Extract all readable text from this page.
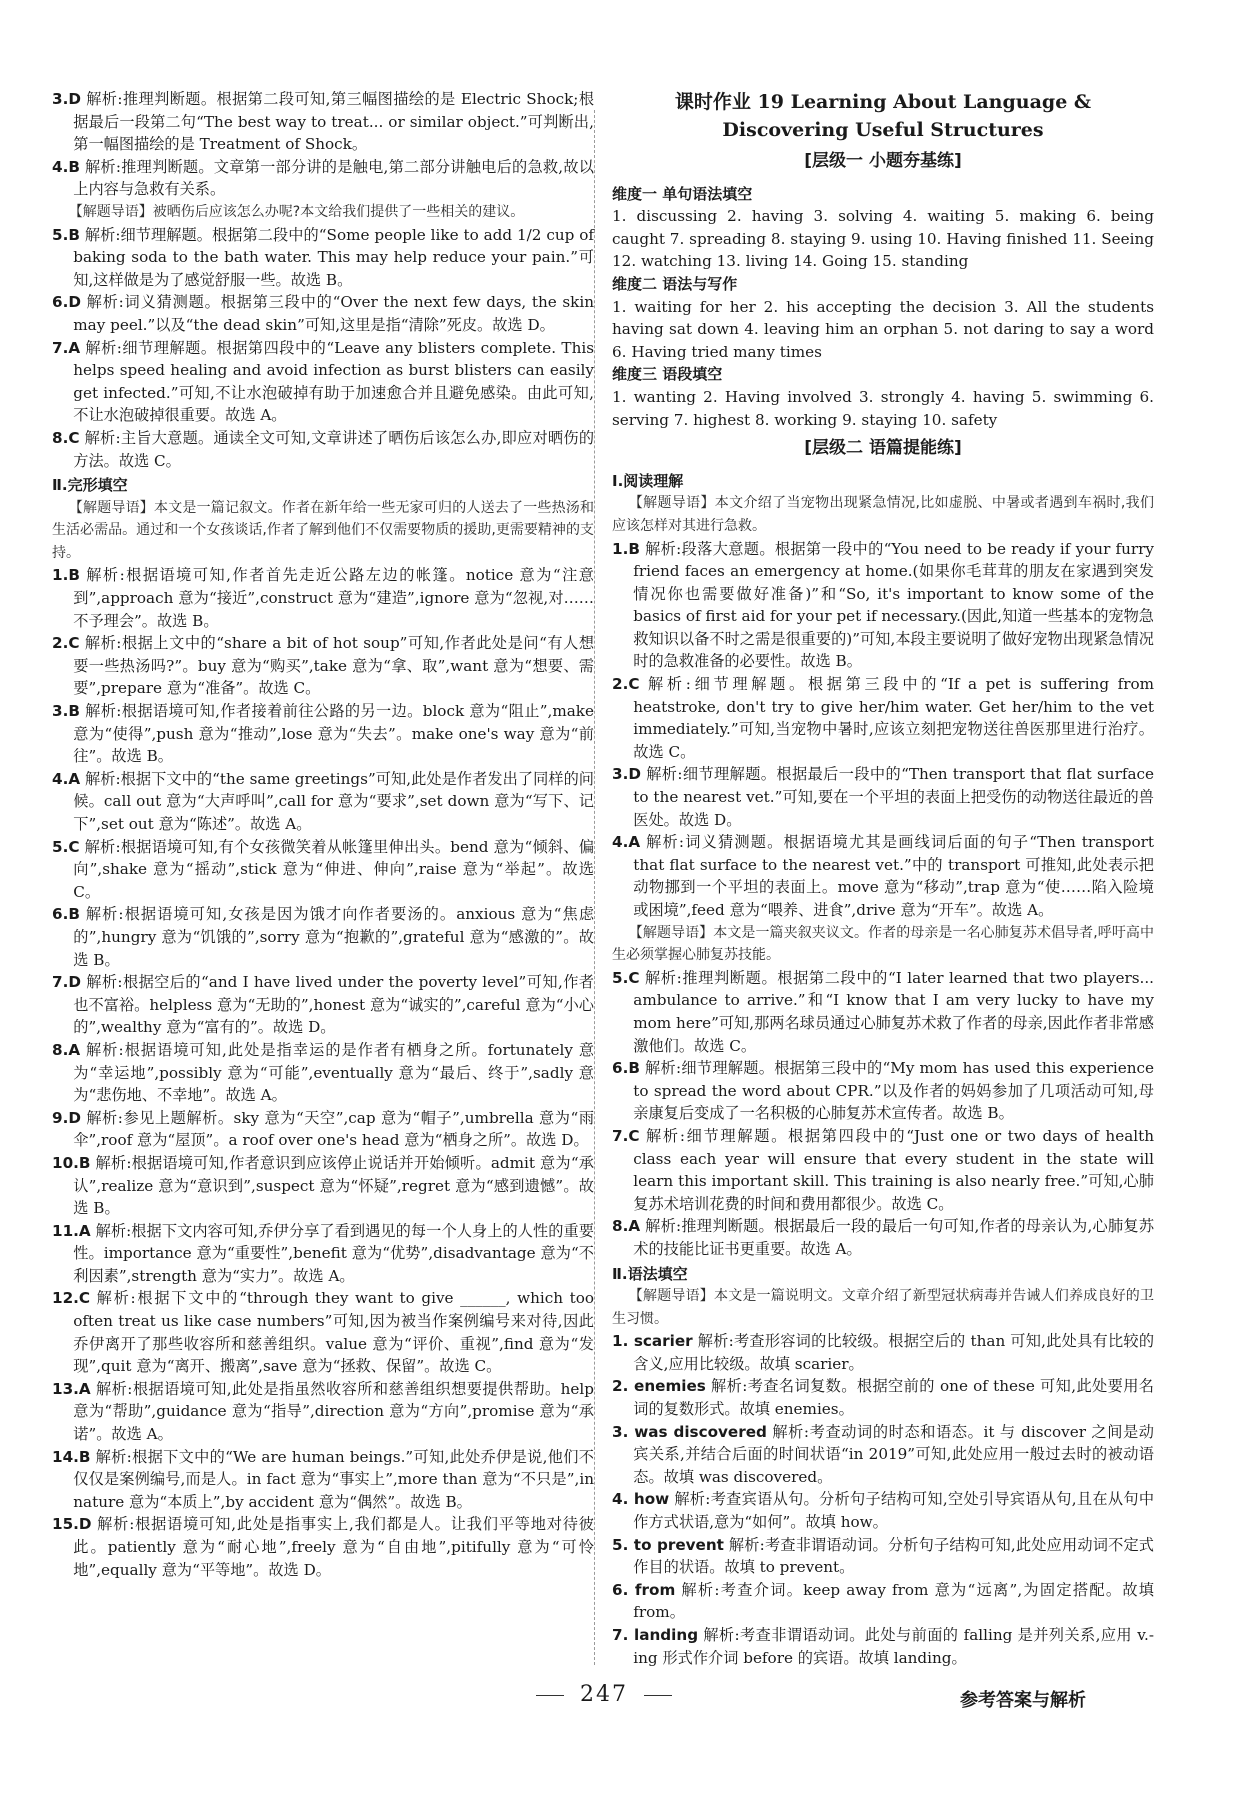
3.D 解析:推理判断题。根据第二段可知,第三幅图描绘的是 Electric Shock;根据最后一段第二句“The best way to treat... or similar object.”可判断出,第一幅图描绘的是 Treatment of Shock。

4.B 解析:推理判断题。文章第一部分讲的是触电,第二部分讲触电后的急救,故以上内容与急救有关系。

【解题导语】被晒伤后应该怎么办呢?本文给我们提供了一些相关的建议。

5.B 解析:细节理解题。根据第二段中的“Some people like to add 1/2 cup of baking soda to the bath water. This may help reduce your pain.”可知,这样做是为了感觉舒服一些。故选 B。

6.D 解析:词义猜测题。根据第三段中的“Over the next few days, the skin may peel.”以及“the dead skin”可知,这里是指“清除”死皮。故选 D。

7.A 解析:细节理解题。根据第四段中的“Leave any blisters complete. This helps speed healing and avoid infection as burst blisters can easily get infected.”可知,不让水泡破掉有助于加速愈合并且避免感染。由此可知,不让水泡破掉很重要。故选 A。

8.C 解析:主旨大意题。通读全文可知,文章讲述了晒伤后该怎么办,即应对晒伤的方法。故选 C。

Ⅱ.完形填空

【解题导语】本文是一篇记叙文。作者在新年给一些无家可归的人送去了一些热汤和生活必需品。通过和一个女孩谈话,作者了解到他们不仅需要物质的援助,更需要精神的支持。

1.B 解析:根据语境可知,作者首先走近公路左边的帐篷。notice 意为“注意到”,approach 意为“接近”,construct 意为“建造”,ignore 意为“忽视,对……不予理会”。故选 B。

2.C 解析:根据上文中的“share a bit of hot soup”可知,作者此处是问“有人想要一些热汤吗?”。buy 意为“购买”,take 意为“拿、取”,want 意为“想要、需要”,prepare 意为“准备”。故选 C。

3.B 解析:根据语境可知,作者接着前往公路的另一边。block 意为“阻止”,make 意为“使得”,push 意为“推动”,lose 意为“失去”。make one's way 意为“前往”。故选 B。

4.A 解析:根据下文中的“the same greetings”可知,此处是作者发出了同样的问候。call out 意为“大声呼叫”,call for 意为“要求”,set down 意为“写下、记下”,set out 意为“陈述”。故选 A。

5.C 解析:根据语境可知,有个女孩微笑着从帐篷里伸出头。bend 意为“倾斜、偏向”,shake 意为“摇动”,stick 意为“伸进、伸向”,raise 意为“举起”。故选 C。

6.B 解析:根据语境可知,女孩是因为饿才向作者要汤的。anxious 意为“焦虑的”,hungry 意为“饥饿的”,sorry 意为“抱歉的”,grateful 意为“感激的”。故选 B。

7.D 解析:根据空后的“and I have lived under the poverty level”可知,作者也不富裕。helpless 意为“无助的”,honest 意为“诚实的”,careful 意为“小心的”,wealthy 意为“富有的”。故选 D。

8.A 解析:根据语境可知,此处是指幸运的是作者有栖身之所。fortunately 意为“幸运地”,possibly 意为“可能”,eventually 意为“最后、终于”,sadly 意为“悲伤地、不幸地”。故选 A。

9.D 解析:参见上题解析。sky 意为“天空”,cap 意为“帽子”,umbrella 意为“雨伞”,roof 意为“屋顶”。a roof over one's head 意为“栖身之所”。故选 D。

10.B 解析:根据语境可知,作者意识到应该停止说话并开始倾听。admit 意为“承认”,realize 意为“意识到”,suspect 意为“怀疑”,regret 意为“感到遗憾”。故选 B。

11.A 解析:根据下文内容可知,乔伊分享了看到遇见的每一个人身上的人性的重要性。importance 意为“重要性”,benefit 意为“优势”,disadvantage 意为“不利因素”,strength 意为“实力”。故选 A。

12.C 解析:根据下文中的“through they want to give ______, which too often treat us like case numbers”可知,因为被当作案例编号来对待,因此乔伊离开了那些收容所和慈善组织。value 意为“评价、重视”,find 意为“发现”,quit 意为“离开、搬离”,save 意为“拯救、保留”。故选 C。

13.A 解析:根据语境可知,此处是指虽然收容所和慈善组织想要提供帮助。help 意为“帮助”,guidance 意为“指导”,direction 意为“方向”,promise 意为“承诺”。故选 A。

14.B 解析:根据下文中的“We are human beings.”可知,此处乔伊是说,他们不仅仅是案例编号,而是人。in fact 意为“事实上”,more than 意为“不只是”,in nature 意为“本质上”,by accident 意为“偶然”。故选 B。

15.D 解析:根据语境可知,此处是指事实上,我们都是人。让我们平等地对待彼此。patiently 意为“耐心地”,freely 意为“自由地”,pitifully 意为“可怜地”,equally 意为“平等地”。故选 D。

课时作业 19 Learning About Language &
Discovering Useful Structures

[层级一 小题夯基练]

维度一 单句语法填空

1. discussing 2. having 3. solving 4. waiting 5. making 6. being caught 7. spreading 8. staying 9. using 10. Having finished 11. Seeing 12. watching 13. living 14. Going 15. standing

维度二 语法与写作

1. waiting for her 2. his accepting the decision 3. All the students having sat down 4. leaving him an orphan 5. not daring to say a word 6. Having tried many times

维度三 语段填空

1. wanting 2. Having involved 3. strongly 4. having 5. swimming 6. serving 7. highest 8. working 9. staying 10. safety

[层级二 语篇提能练]

Ⅰ.阅读理解

【解题导语】本文介绍了当宠物出现紧急情况,比如虚脱、中暑或者遇到车祸时,我们应该怎样对其进行急救。

1.B 解析:段落大意题。根据第一段中的“You need to be ready if your furry friend faces an emergency at home.(如果你毛茸茸的朋友在家遇到突发情况你也需要做好准备)”和“So, it's important to know some of the basics of first aid for your pet if necessary.(因此,知道一些基本的宠物急救知识以备不时之需是很重要的)”可知,本段主要说明了做好宠物出现紧急情况时的急救准备的必要性。故选 B。

2.C 解析:细节理解题。根据第三段中的“If a pet is suffering from heatstroke, don't try to give her/him water. Get her/him to the vet immediately.”可知,当宠物中暑时,应该立刻把宠物送往兽医那里进行治疗。故选 C。

3.D 解析:细节理解题。根据最后一段中的“Then transport that flat surface to the nearest vet.”可知,要在一个平坦的表面上把受伤的动物送往最近的兽医处。故选 D。

4.A 解析:词义猜测题。根据语境尤其是画线词后面的句子“Then transport that flat surface to the nearest vet.”中的 transport 可推知,此处表示把动物挪到一个平坦的表面上。move 意为“移动”,trap 意为“使……陷入险境或困境”,feed 意为“喂养、进食”,drive 意为“开车”。故选 A。

【解题导语】本文是一篇夹叙夹议文。作者的母亲是一名心肺复苏术倡导者,呼吁高中生必须掌握心肺复苏技能。

5.C 解析:推理判断题。根据第二段中的“I later learned that two players... ambulance to arrive.”和“I know that I am very lucky to have my mom here”可知,那两名球员通过心肺复苏术救了作者的母亲,因此作者非常感激他们。故选 C。

6.B 解析:细节理解题。根据第三段中的“My mom has used this experience to spread the word about CPR.”以及作者的妈妈参加了几项活动可知,母亲康复后变成了一名积极的心肺复苏术宣传者。故选 B。

7.C 解析:细节理解题。根据第四段中的“Just one or two days of health class each year will ensure that every student in the state will learn this important skill. This training is also nearly free.”可知,心肺复苏术培训花费的时间和费用都很少。故选 C。

8.A 解析:推理判断题。根据最后一段的最后一句可知,作者的母亲认为,心肺复苏术的技能比证书更重要。故选 A。

Ⅱ.语法填空

【解题导语】本文是一篇说明文。文章介绍了新型冠状病毒并告诫人们养成良好的卫生习惯。

1. scarier 解析:考查形容词的比较级。根据空后的 than 可知,此处具有比较的含义,应用比较级。故填 scarier。

2. enemies 解析:考查名词复数。根据空前的 one of these 可知,此处要用名词的复数形式。故填 enemies。

3. was discovered 解析:考查动词的时态和语态。it 与 discover 之间是动宾关系,并结合后面的时间状语“in 2019”可知,此处应用一般过去时的被动语态。故填 was discovered。

4. how 解析:考查宾语从句。分析句子结构可知,空处引导宾语从句,且在从句中作方式状语,意为“如何”。故填 how。

5. to prevent 解析:考查非谓语动词。分析句子结构可知,此处应用动词不定式作目的状语。故填 to prevent。

6. from 解析:考查介词。keep away from 意为“远离”,为固定搭配。故填 from。

7. landing 解析:考查非谓语动词。此处与前面的 falling 是并列关系,应用 v.-ing 形式作介词 before 的宾语。故填 landing。

247	参考答案与解析
